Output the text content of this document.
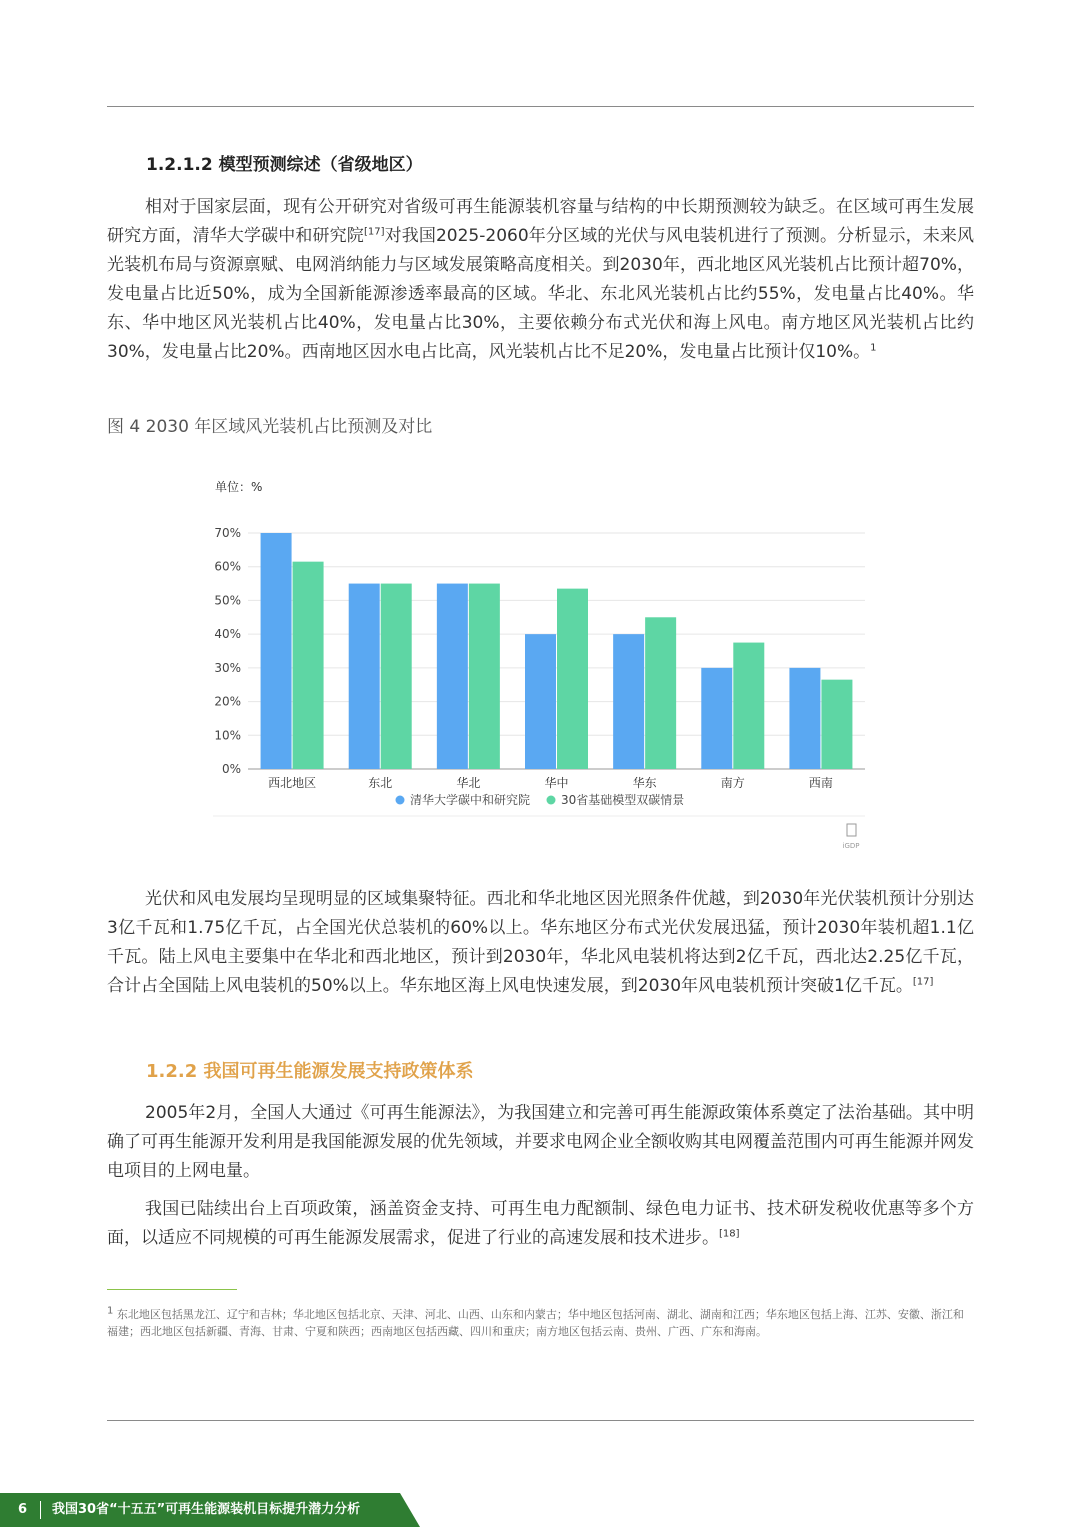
1.2.1.2 模型预测综述（省级地区）

相对于国家层面，现有公开研究对省级可再生能源装机容量与结构的中长期预测较为缺乏。在区域可再生发展研究方面，清华大学碳中和研究院[17]对我国2025-2060年分区域的光伏与风电装机进行了预测。分析显示，未来风光装机布局与资源禀赋、电网消纳能力与区域发展策略高度相关。到2030年，西北地区风光装机占比预计超70%，发电量占比近50%，成为全国新能源渗透率最高的区域。华北、东北风光装机占比约55%，发电量占比40%。华东、华中地区风光装机占比40%，发电量占比30%，主要依赖分布式光伏和海上风电。南方地区风光装机占比约30%，发电量占比20%。西南地区因水电占比高，风光装机占比不足20%，发电量占比预计仅10%。$^1$

图 4 2030 年区域风光装机占比预测及对比

单位：%
0%
10%
20%
30%
40%
50%
60%
70%
西北地区	东北	华北	华中	华东	南方	西南
清华大学碳中和研究院	30省基础模型双碳情景
iGDP

光伏和风电发展均呈现明显的区域集聚特征。西北和华北地区因光照条件优越，到2030年光伏装机预计分别达3亿千瓦和1.75亿千瓦，占全国光伏总装机的60%以上。华东地区分布式光伏发展迅猛，预计2030年装机超1.1亿千瓦。陆上风电主要集中在华北和西北地区，预计到2030年，华北风电装机将达到2亿千瓦，西北达2.25亿千瓦，合计占全国陆上风电装机的50%以上。华东地区海上风电快速发展，到2030年风电装机预计突破1亿千瓦。[17]

1.2.2 我国可再生能源发展支持政策体系

2005年2月，全国人大通过《可再生能源法》，为我国建立和完善可再生能源政策体系奠定了法治基础。其中明确了可再生能源开发利用是我国能源发展的优先领域，并要求电网企业全额收购其电网覆盖范围内可再生能源并网发电项目的上网电量。

我国已陆续出台上百项政策，涵盖资金支持、可再生电力配额制、绿色电力证书、技术研发税收优惠等多个方面，以适应不同规模的可再生能源发展需求，促进了行业的高速发展和技术进步。[18]

$^1$ 东北地区包括黑龙江、辽宁和吉林；华北地区包括北京、天津、河北、山西、山东和内蒙古；华中地区包括河南、湖北、湖南和江西；华东地区包括上海、江苏、安徽、浙江和福建；西北地区包括新疆、青海、甘肃、宁夏和陕西；西南地区包括西藏、四川和重庆；南方地区包括云南、贵州、广西、广东和海南。

6 我国30省“十五五”可再生能源装机目标提升潜力分析
